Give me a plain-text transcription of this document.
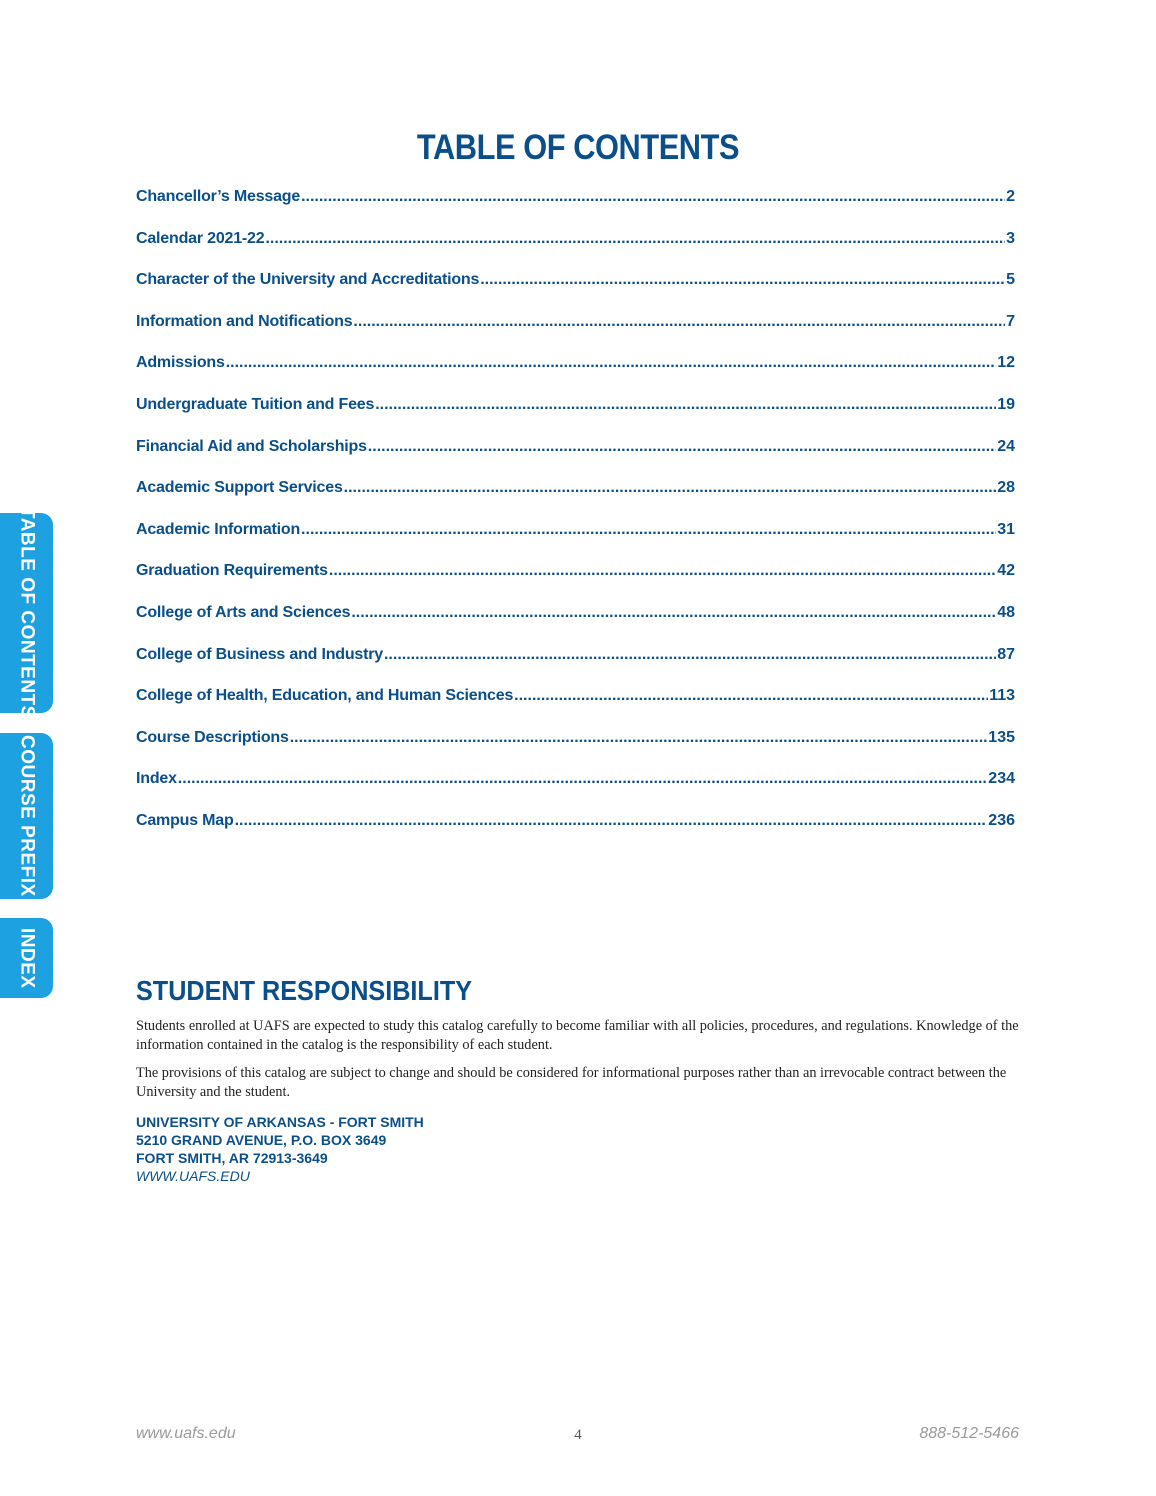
TABLE OF CONTENTS
Chancellor’s Message .....	2
Calendar 2021-22 .....	3
Character of the University and Accreditations .....	5
Information and Notifications .....	7
Admissions .....	12
Undergraduate Tuition and Fees .....	19
Financial Aid and Scholarships .....	24
Academic Support Services .....	28
Academic Information .....	31
Graduation Requirements .....	42
College of Arts and Sciences .....	48
College of Business and Industry .....	87
College of Health, Education, and Human Sciences .....	113
Course Descriptions .....	135
Index .....	234
Campus Map .....	236
TABLE OF CONTENTS
COURSE PREFIX
INDEX
STUDENT RESPONSIBILITY

Students enrolled at UAFS are expected to study this catalog carefully to become familiar with all policies, procedures, and regulations. Knowledge of the information contained in the catalog is the responsibility of each student.

The provisions of this catalog are subject to change and should be considered for informational purposes rather than an irrevocable contract between the University and the student.

UNIVERSITY OF ARKANSAS - FORT SMITH
5210 GRAND AVENUE, P.O. BOX 3649
FORT SMITH, AR 72913-3649
WWW.UAFS.EDU
www.uafs.edu	4	888-512-5466
